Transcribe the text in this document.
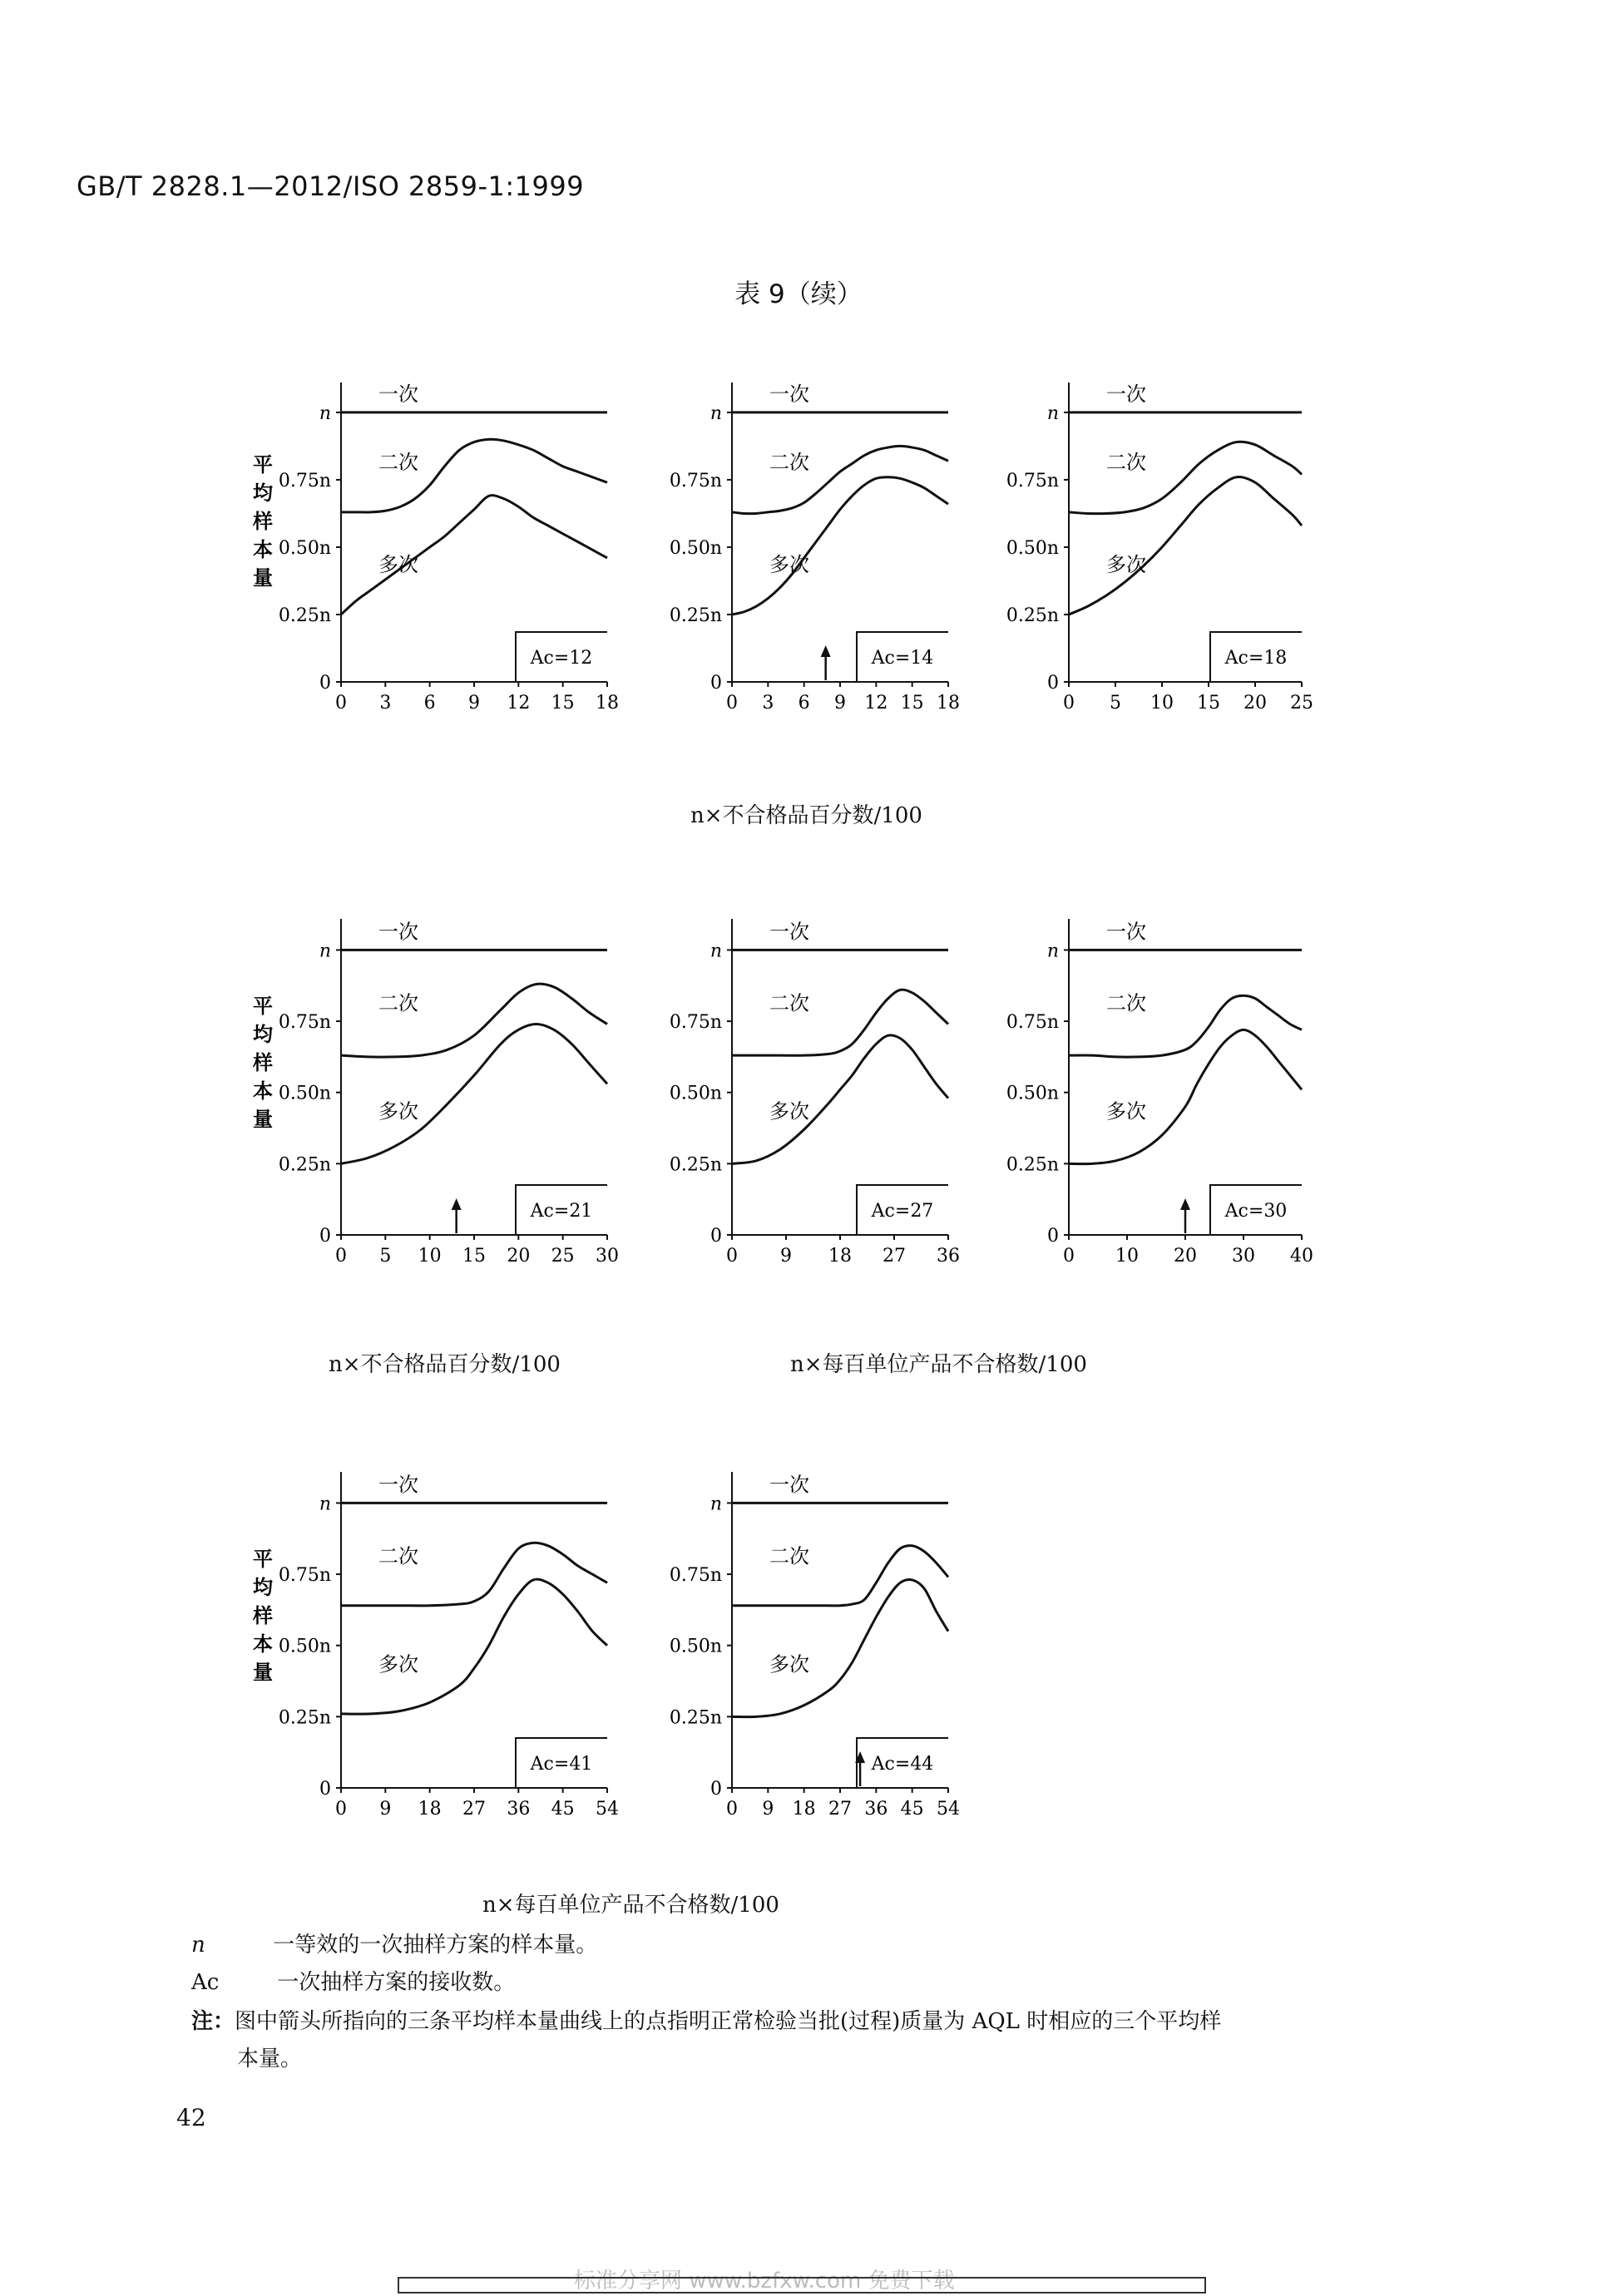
GB/T 2828.1—2012/ISO 2859-1:1999
表 9（续）
n
0.75n
0.50n
0.25n
0
0 3 6 9 12 15 18
一次
二次
多次
Ac=12
平
均
样
本
量
n
0.75n
0.50n
0.25n
0
0 3 6 9 12 15 18
一次
二次
多次
Ac=14
n
0.75n
0.50n
0.25n
0
0 5 10 15 20 25
一次
二次
多次
Ac=18
n
0.75n
0.50n
0.25n
0
0 5 10 15 20 25 30
一次
二次
多次
Ac=21
平
均
样
本
量
n
0.75n
0.50n
0.25n
0
0 9 18 27 36
一次
二次
多次
Ac=27
n
0.75n
0.50n
0.25n
0
0 10 20 30 40
一次
二次
多次
Ac=30
n
0.75n
0.50n
0.25n
0
0 9 18 27 36 45 54
一次
二次
多次
Ac=41
平
均
样
本
量
n
0.75n
0.50n
0.25n
0
0 9 18 27 36 45 54
一次
二次
多次
Ac=44
n×不合格品百分数/100
n×不合格品百分数/100	n×每百单位产品不合格数/100
n×每百单位产品不合格数/100
n	一等效的一次抽样方案的样本量。
Ac	一次抽样方案的接收数。
注：图中箭头所指向的三条平均样本量曲线上的点指明正常检验当批(过程)质量为 AQL 时相应的三个平均样
本量。
42
标准分享网 www.bzfxw.com 免费下载
